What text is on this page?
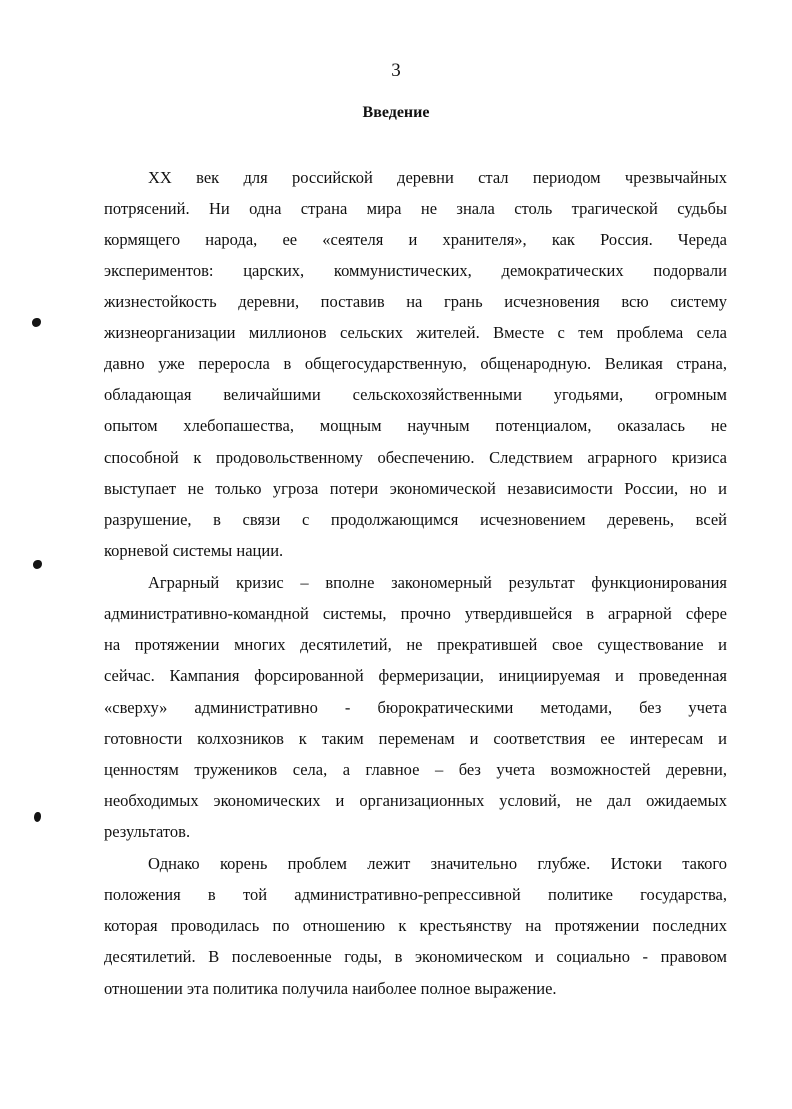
3
Введение
XX век для российской деревни стал периодом чрезвычайных
потрясений. Ни одна страна мира не знала столь трагической судьбы
кормящего народа, ее «сеятеля и хранителя», как Россия. Череда
экспериментов: царских, коммунистических, демократических подорвали
жизнестойкость деревни, поставив на грань исчезновения всю систему
жизнеорганизации миллионов сельских жителей. Вместе с тем проблема села
давно уже переросла в общегосударственную, общенародную. Великая страна,
обладающая величайшими сельскохозяйственными угодьями, огромным
опытом хлебопашества, мощным научным потенциалом, оказалась не
способной к продовольственному обеспечению. Следствием аграрного кризиса
выступает не только угроза потери экономической независимости России, но и
разрушение, в связи с продолжающимся исчезновением деревень, всей
корневой системы нации.
Аграрный кризис – вполне закономерный результат функционирования
административно-командной системы, прочно утвердившейся в аграрной сфере
на протяжении многих десятилетий, не прекратившей свое существование и
сейчас. Кампания форсированной фермеризации, инициируемая и проведенная
«сверху» административно - бюрократическими методами, без учета
готовности колхозников к таким переменам и соответствия ее интересам и
ценностям тружеников села, а главное – без учета возможностей деревни,
необходимых экономических и организационных условий, не дал ожидаемых
результатов.
Однако корень проблем лежит значительно глубже. Истоки такого
положения в той административно-репрессивной политике государства,
которая проводилась по отношению к крестьянству на протяжении последних
десятилетий. В послевоенные годы, в экономическом и социально - правовом
отношении эта политика получила наиболее полное выражение.
